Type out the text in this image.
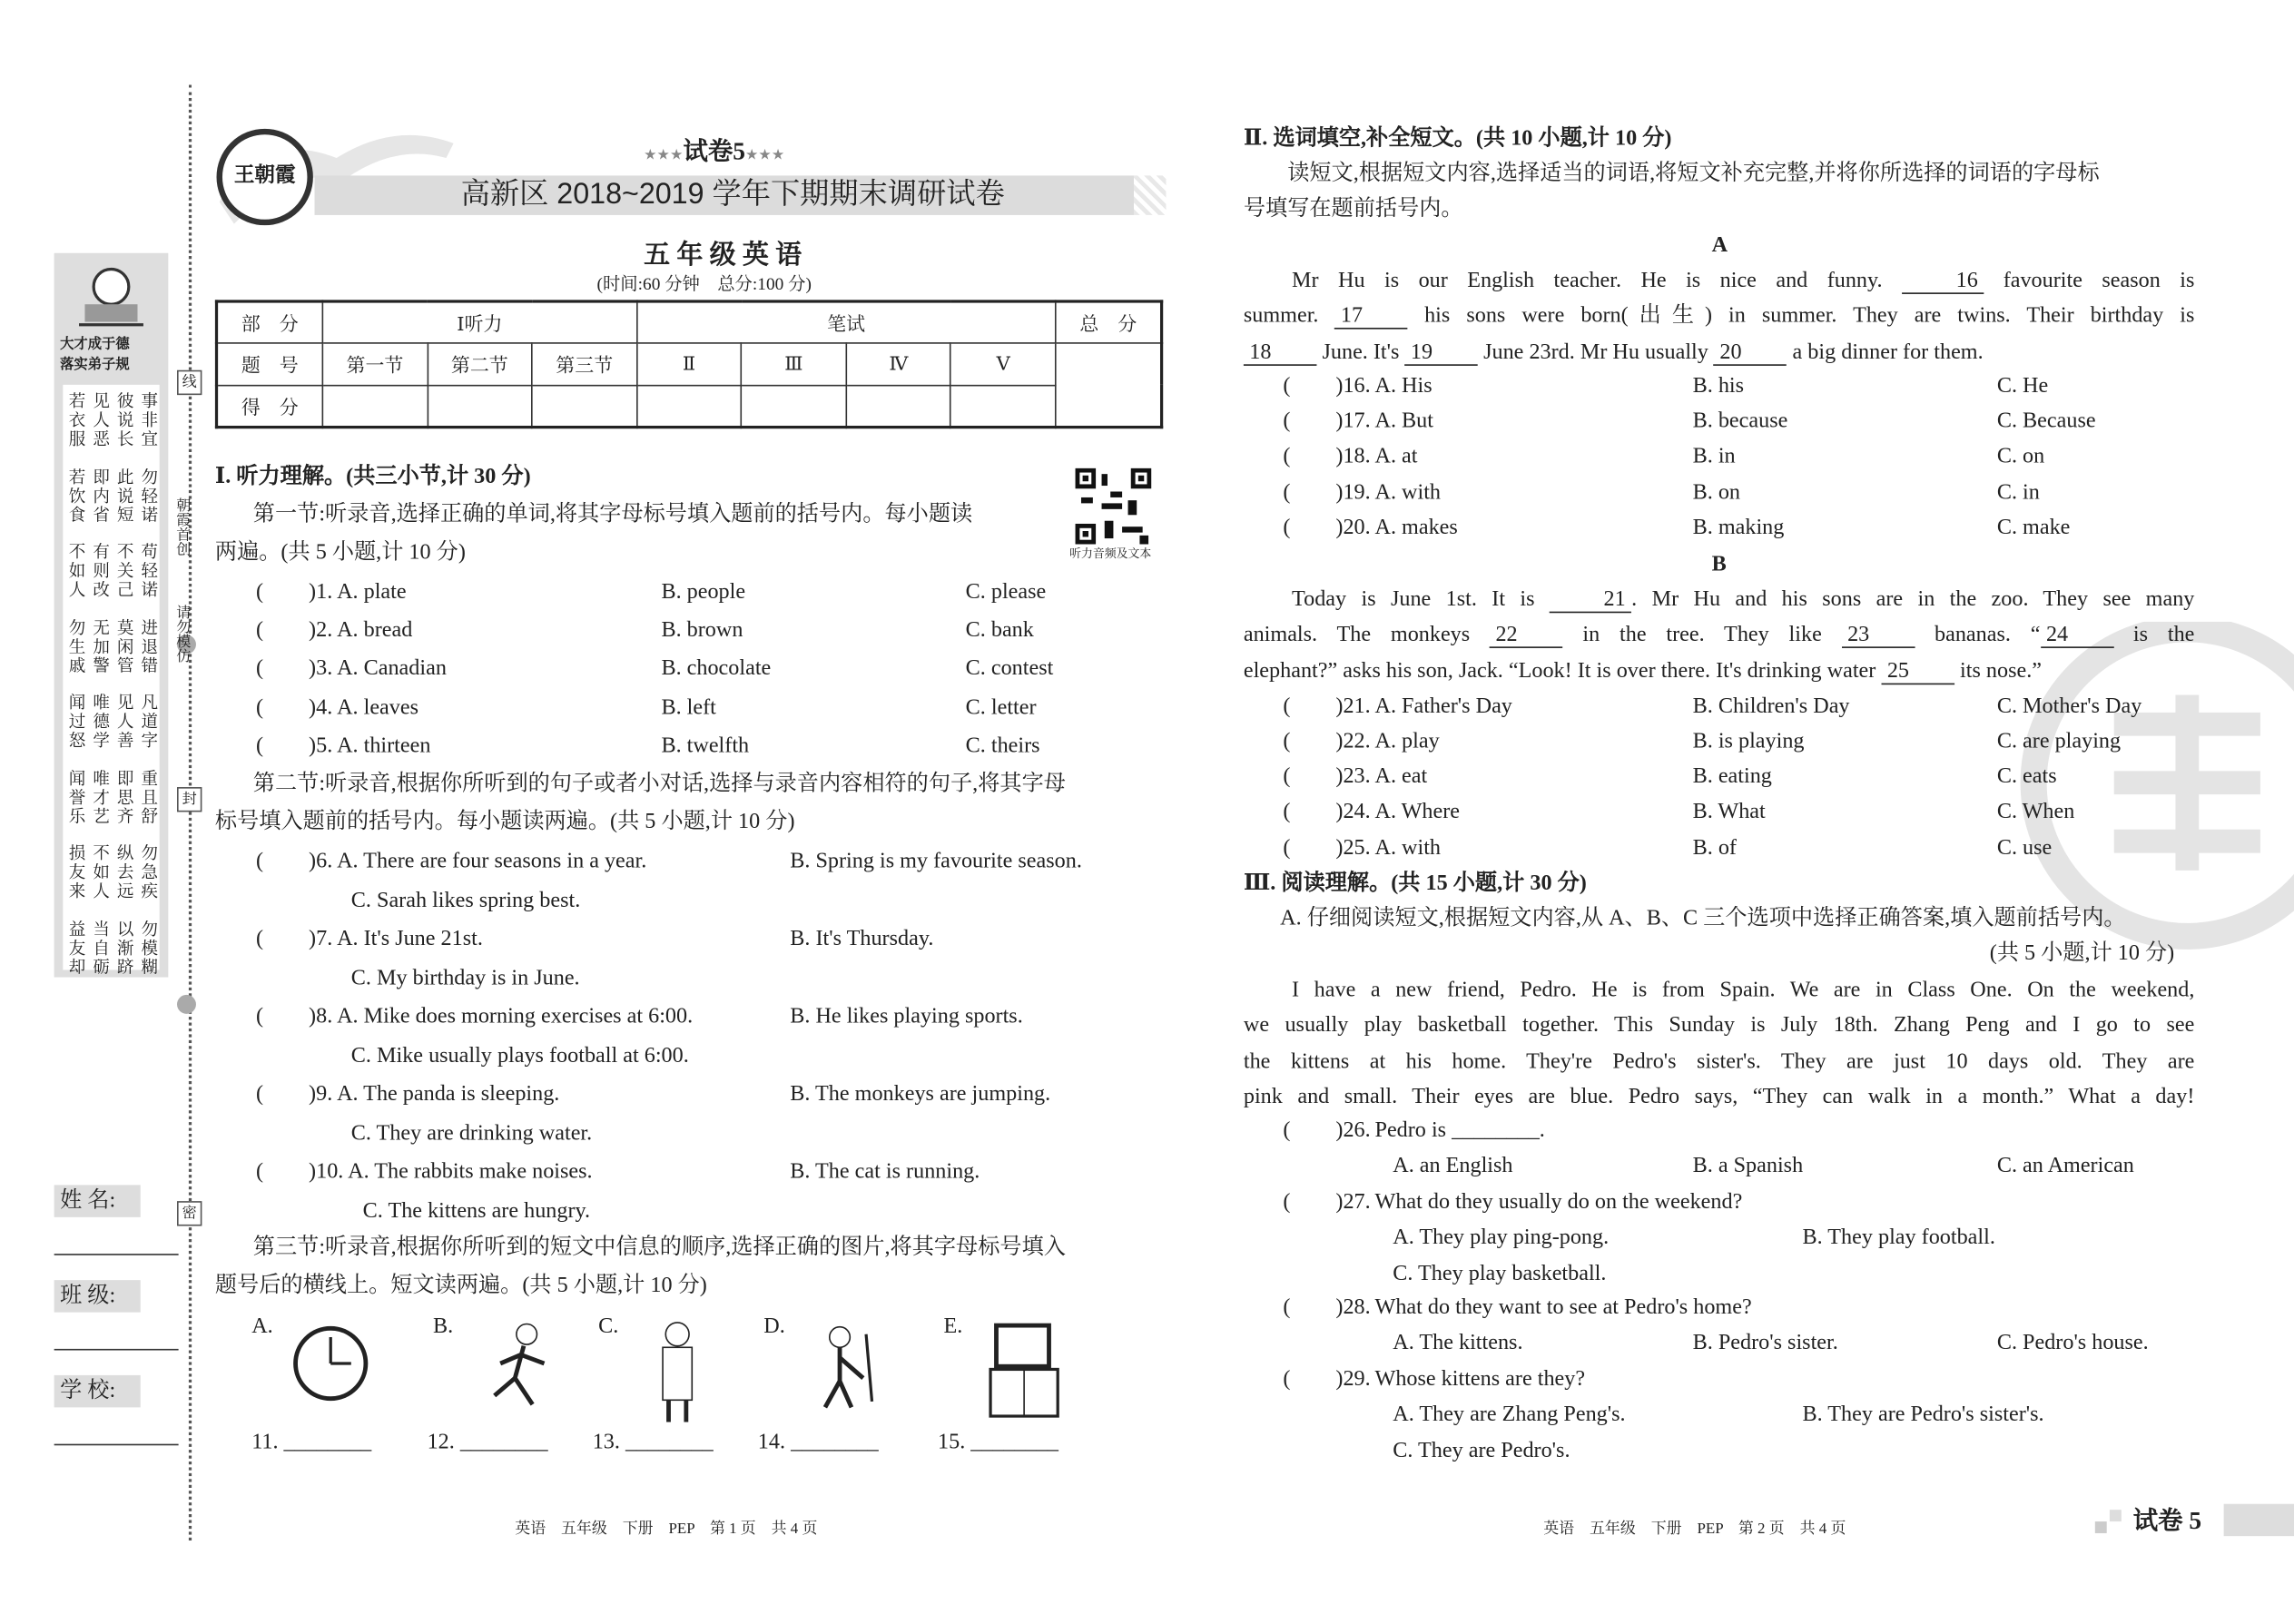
王朝霞
★★★试卷5★★★
高新区 2018~2019 学年下期期末调研试卷
五 年 级 英 语
(时间:60 分钟　总分:100 分)
部　分	Ⅰ听力			笔试				总　分
题　号	第一节	第二节	第三节	Ⅱ	Ⅲ	Ⅳ	Ⅴ	
得　分								
大才成于德
落实弟子规
线
封
密
朝霞首创
请勿模仿
姓 名:
班 级:
学 校:
Ⅰ. 听力理解。(共三小节,计 30 分)
听力音频及文本
英语　五年级　下册　PEP　第 1 页　共 4 页	英语　五年级　下册　PEP　第 2 页　共 4 页	试卷 5
若见彼事
衣人说非
服恶长宜
若即此勿
饮内说轻
食省短诺
不有不苟
如则关轻
人改己诺
勿无莫进
生加闲退
戚警管错
闻唯见凡
过德人道
怒学善字
闻唯即重
誉才思且
乐艺齐舒
损不纵勿
友如去急
来人远疾
益当以勿
友自渐模
却砺跻糊
第一节:听录音,选择正确的单词,将其字母标号填入题前的括号内。每小题读
两遍。(共 5 小题,计 10 分)
(	) 1. A. plate	B. people	C. please
(	) 2. A. bread	B. brown	C. bank
(	) 3. A. Canadian	B. chocolate	C. contest
(	) 4. A. leaves	B. left	C. letter
(	) 5. A. thirteen	B. twelfth	C. theirs
第二节:听录音,根据你所听到的句子或者小对话,选择与录音内容相符的句子,将其字母
标号填入题前的括号内。每小题读两遍。(共 5 小题,计 10 分)
(	) 6. A. There are four seasons in a year.	B. Spring is my favourite season.
C. Sarah likes spring best.
(	) 7. A. It's June 21st.	B. It's Thursday.
C. My birthday is in June.
(	) 8. A. Mike does morning exercises at 6:00.	B. He likes playing sports.
C. Mike usually plays football at 6:00.
(	) 9. A. The panda is sleeping.	B. The monkeys are jumping.
C. They are drinking water.
(	) 10. A. The rabbits make noises.	B. The cat is running.
C. The kittens are hungry.
第三节:听录音,根据你所听到的短文中信息的顺序,选择正确的图片,将其字母标号填入
题号后的横线上。短文读两遍。(共 5 小题,计 10 分)
A.
11. ________
B.
12. ________
C.
13. ________
D.
14. ________
E.
15. ________
Ⅱ. 选词填空,补全短文。(共 10 小题,计 10 分)
读短文,根据短文内容,选择适当的词语,将短文补充完整,并将你所选择的词语的字母标
号填写在题前括号内。
A
Mr Hu is our English teacher. He is nice and funny.	16 favourite season is
summer. 17	his sons were born(出生) in summer. They are twins. Their birthday is
18	June. It's 19	June 23rd. Mr Hu usually 20	a big dinner for them.
(	) 16. A. His	B. his	C. He
(	) 17. A. But	B. because	C. Because
(	) 18. A. at	B. in	C. on
(	) 19. A. with	B. on	C. in
(	) 20. A. makes	B. making	C. make
B
Today is June 1st. It is	21 . Mr Hu and his sons are in the zoo. They see many
animals. The monkeys 22	in the tree. They like 23	bananas. “ 24	is the
elephant?” asks his son, Jack. “Look! It is over there. It's drinking water 25	its nose.”
(	) 21. A. Father's Day	B. Children's Day	C. Mother's Day
(	) 22. A. play	B. is playing	C. are playing
(	) 23. A. eat	B. eating	C. eats
(	) 24. A. Where	B. What	C. When
(	) 25. A. with	B. of	C. use
Ⅲ. 阅读理解。(共 15 小题,计 30 分)
A. 仔细阅读短文,根据短文内容,从 A、B、C 三个选项中选择正确答案,填入题前括号内。
(共 5 小题,计 10 分)
I have a new friend, Pedro. He is from Spain. We are in Class One. On the weekend,
we usually play basketball together. This Sunday is July 18th. Zhang Peng and I go to see
the kittens at his home. They're Pedro's sister's. They are just 10 days old. They are
pink and small. Their eyes are blue. Pedro says, “They can walk in a month.” What a day!
(	) 26. Pedro is ________.
A. an English	B. a Spanish	C. an American
(	) 27. What do they usually do on the weekend?
A. They play ping-pong.	B. They play football.
C. They play basketball.
(	) 28. What do they want to see at Pedro's home?
A. The kittens.	B. Pedro's sister.	C. Pedro's house.
(	) 29. Whose kittens are they?
A. They are Zhang Peng's.	B. They are Pedro's sister's.
C. They are Pedro's.
